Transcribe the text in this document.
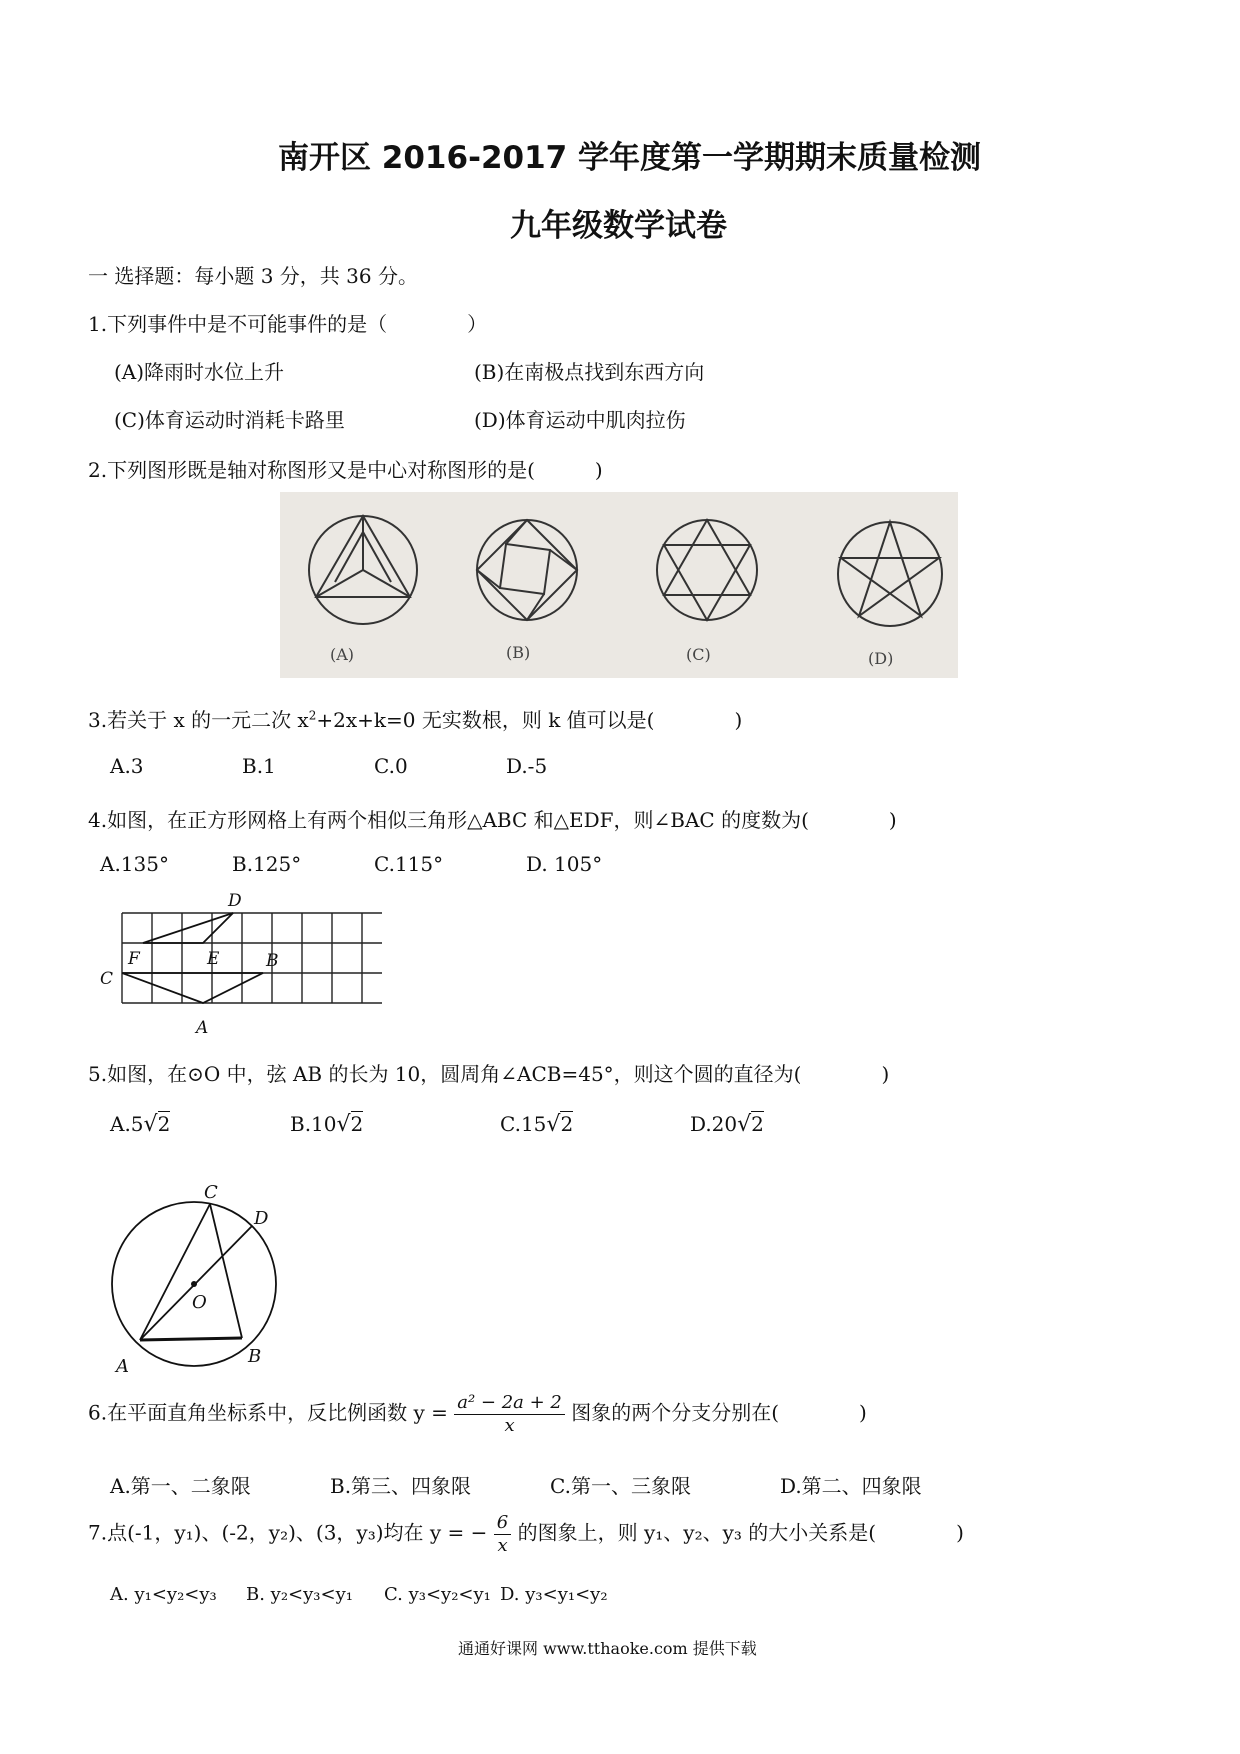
南开区 2016-2017 学年度第一学期期末质量检测
九年级数学试卷
一 选择题：每小题 3 分，共 36 分。
1.下列事件中是不可能事件的是（　　　　）
(A)降雨时水位上升	(B)在南极点找到东西方向
(C)体育运动时消耗卡路里	(D)体育运动中肌肉拉伤
2.下列图形既是轴对称图形又是中心对称图形的是(　　　)
(A)	(B)	(C)	(D)
3.若关于 x 的一元二次 $x^2+2x+k=0$ 无实数根，则 k 值可以是(　　　　)
A.3	B.1	C.0	D.-5
4.如图，在正方形网格上有两个相似三角形△ABC 和△EDF，则∠BAC 的度数为(　　　　)
A.135°	B.125°	C.115°	D. 105°
D
F	E	B
C
A
5.如图，在⊙O 中，弦 AB 的长为 10，圆周角∠ACB=45°，则这个圆的直径为(　　　　)
A.5√2	B.10√2	C.15√2	D.20√2
C
D
O
A	B
6.在平面直角坐标系中，反比例函数 $y = \frac{\text{a² − 2a + 2}}{x}$ 图象的两个分支分别在(　　　　)
A.第一、二象限	B.第三、四象限	C.第一、三象限	D.第二、四象限
7.点(-1，y₁)、(-2，y₂)、(3，y₃)均在 y = − $\frac{6}{x}$ 的图象上，则 y₁、y₂、y₃ 的大小关系是(　　　　)
A. y₁<y₂<y₃ B. y₂<y₃<y₁ C. y₃<y₂<y₁ D. y₃<y₁<y₂
通通好课网 www.tthaoke.com 提供下载
